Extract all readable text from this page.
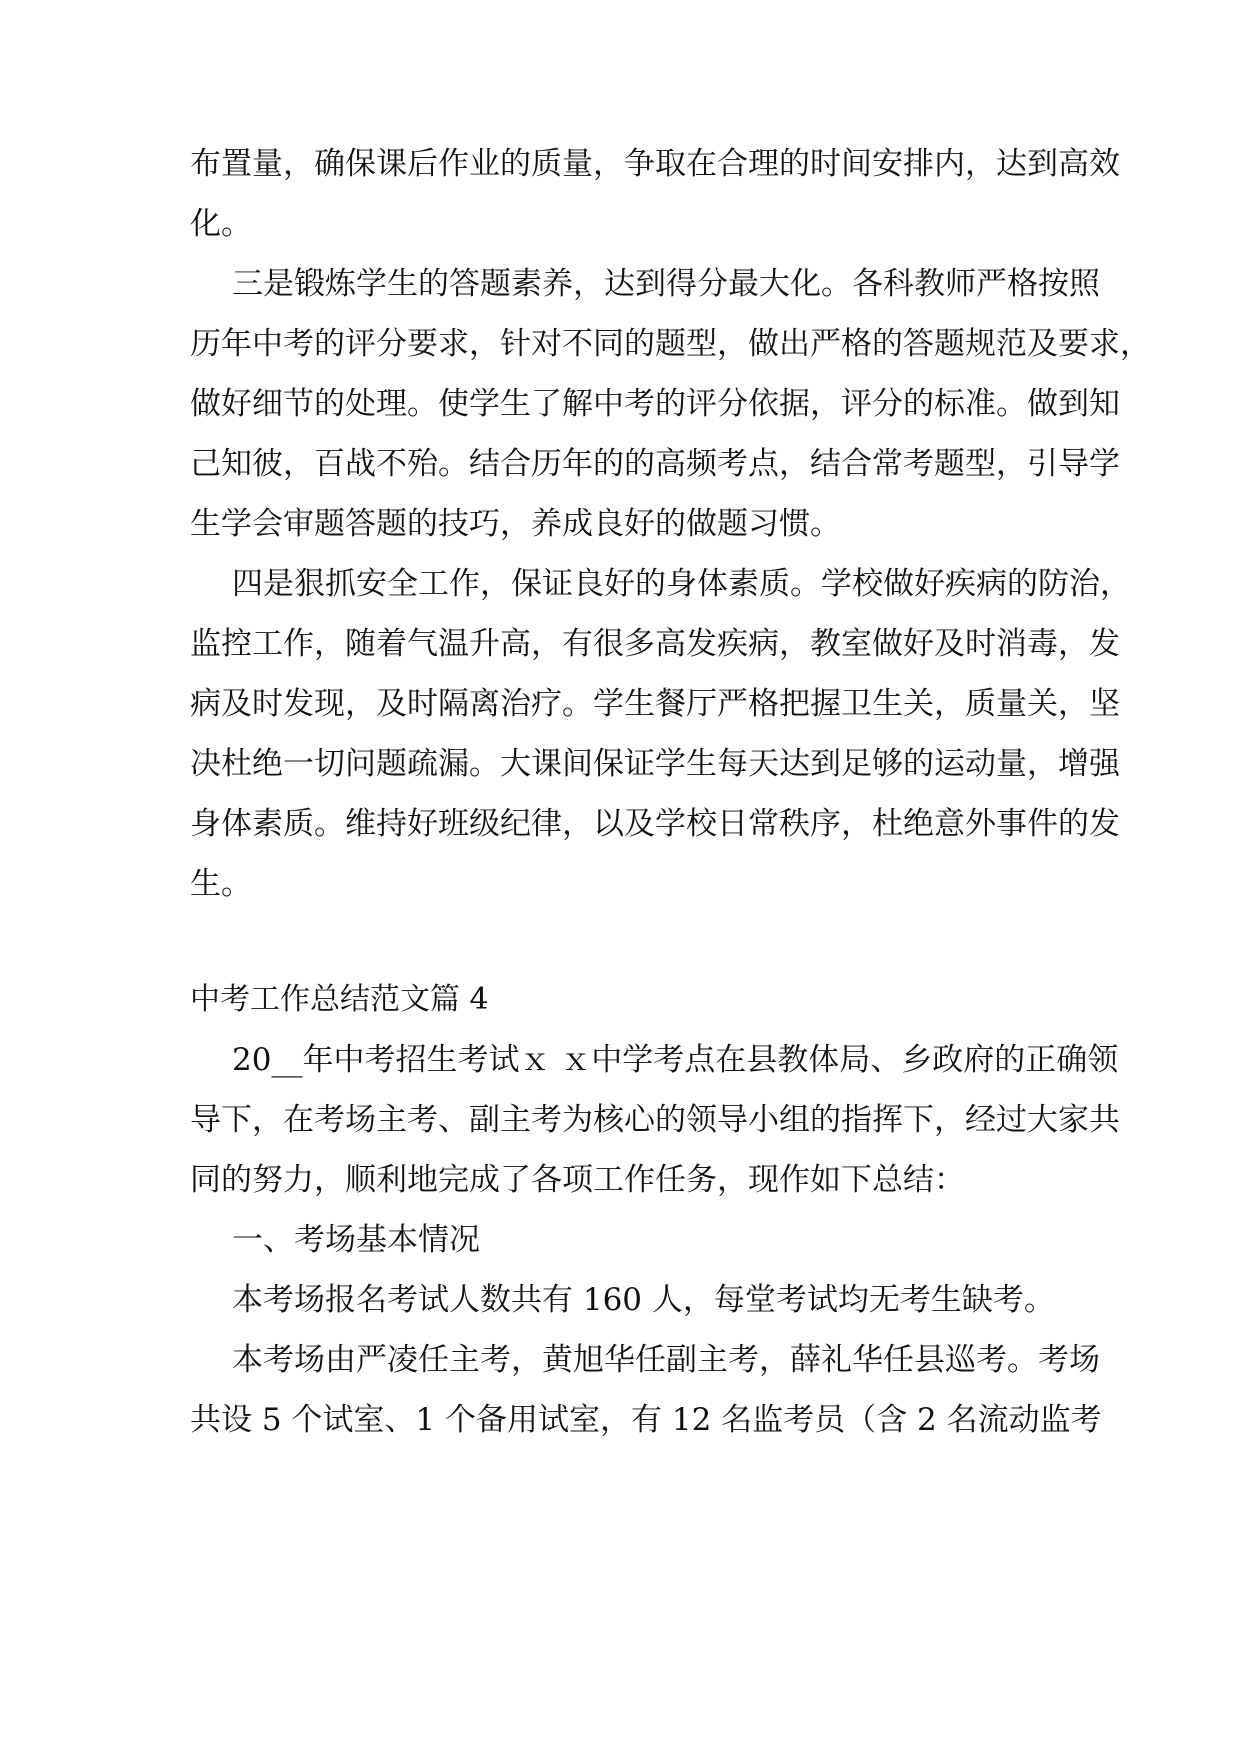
布置量，确保课后作业的质量，争取在合理的时间安排内，达到高效
化。
三是锻炼学生的答题素养，达到得分最大化。各科教师严格按照
历年中考的评分要求，针对不同的题型，做出严格的答题规范及要求，
做好细节的处理。使学生了解中考的评分依据，评分的标准。做到知
己知彼，百战不殆。结合历年的的高频考点，结合常考题型，引导学
生学会审题答题的技巧，养成良好的做题习惯。
四是狠抓安全工作，保证良好的身体素质。学校做好疾病的防治，
监控工作，随着气温升高，有很多高发疾病，教室做好及时消毒，发
病及时发现，及时隔离治疗。学生餐厅严格把握卫生关，质量关，坚
决杜绝一切问题疏漏。大课间保证学生每天达到足够的运动量，增强
身体素质。维持好班级纪律，以及学校日常秩序，杜绝意外事件的发
生。
中考工作总结范文篇 4
20__年中考招生考试ｘ ｘ中学考点在县教体局、乡政府的正确领
导下，在考场主考、副主考为核心的领导小组的指挥下，经过大家共
同的努力，顺利地完成了各项工作任务，现作如下总结：
一、考场基本情况
本考场报名考试人数共有 160 人，每堂考试均无考生缺考。
本考场由严凌任主考，黄旭华任副主考，薛礼华任县巡考。考场
共设 5 个试室、1 个备用试室，有 12 名监考员（含 2 名流动监考
